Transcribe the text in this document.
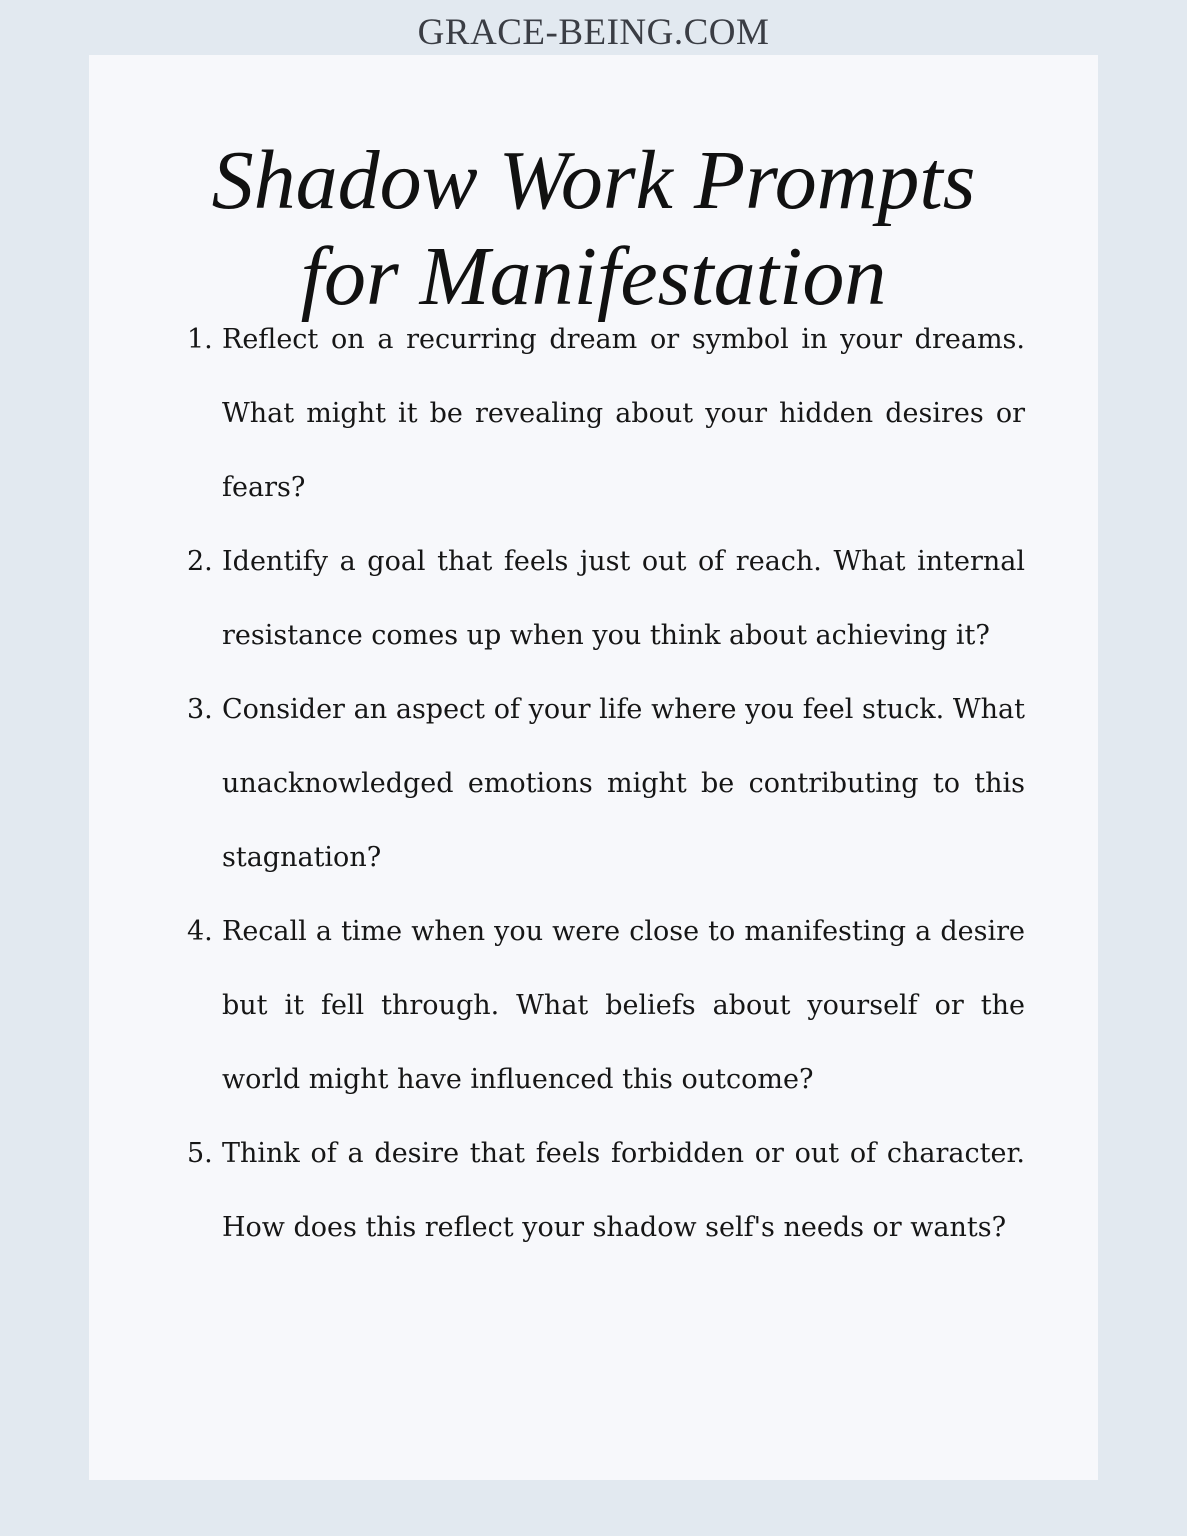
GRACE-BEING.COM
Shadow Work Prompts
for Manifestation
1. Reflect on a recurring dream or symbol in your dreams. What might it be revealing about your hidden desires or fears?
2. Identify a goal that feels just out of reach. What internal resistance comes up when you think about achieving it?
3. Consider an aspect of your life where you feel stuck. What unacknowledged emotions might be contributing to this stagnation?
4. Recall a time when you were close to manifesting a desire but it fell through. What beliefs about yourself or the world might have influenced this outcome?
5. Think of a desire that feels forbidden or out of character. How does this reflect your shadow self's needs or wants?
